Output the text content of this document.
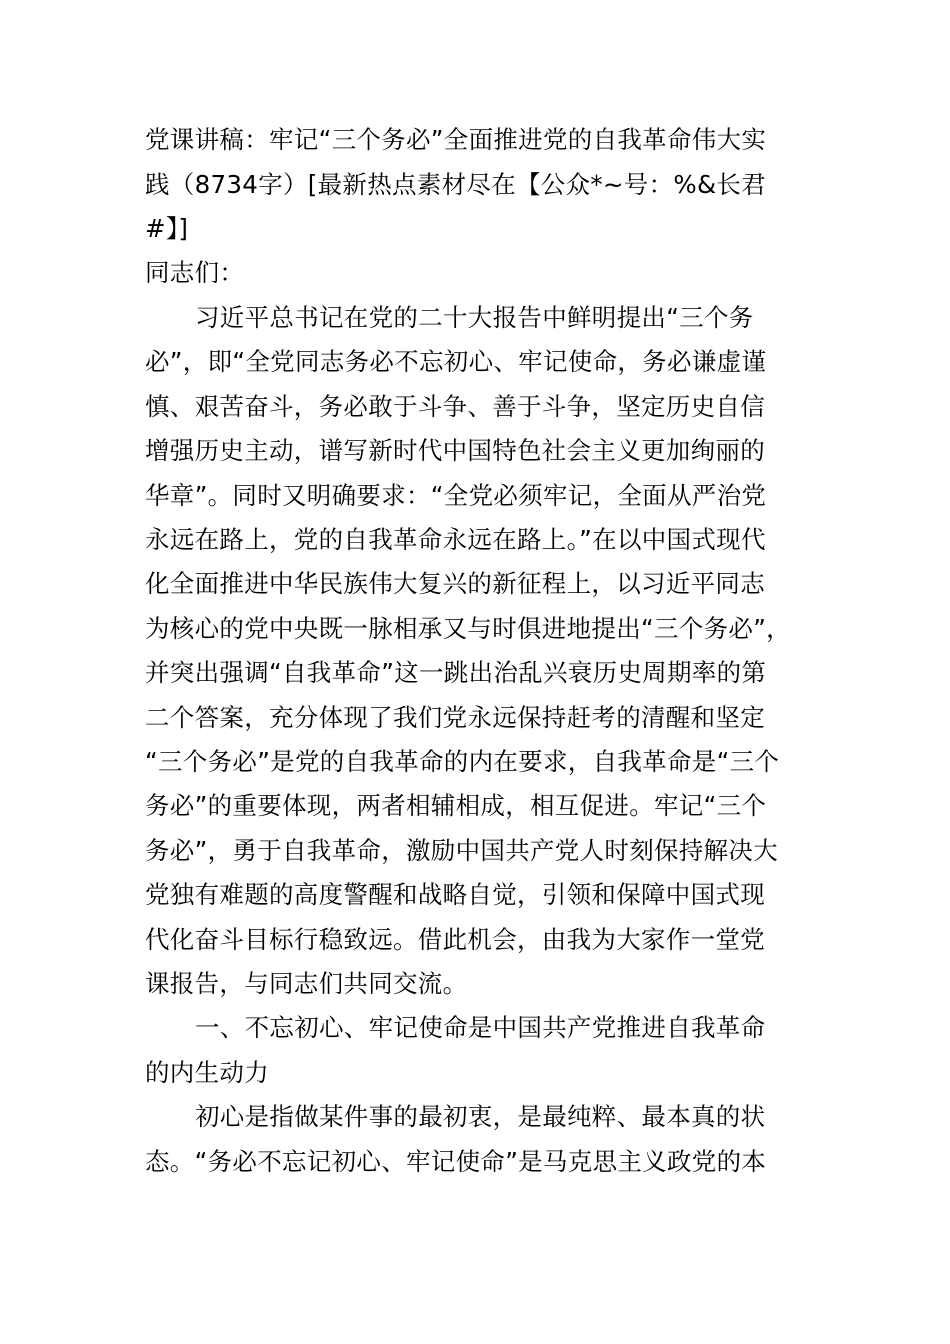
党课讲稿：牢记“三个务必”全面推进党的自我革命伟大实
践（8734字）[最新热点素材尽在【公众*~号：%&长君
#】]
同志们：
习近平总书记在党的二十大报告中鲜明提出“三个务
必”，即“全党同志务必不忘初心、牢记使命，务必谦虚谨
慎、艰苦奋斗，务必敢于斗争、善于斗争，坚定历史自信
增强历史主动，谱写新时代中国特色社会主义更加绚丽的
华章”。同时又明确要求：“全党必须牢记，全面从严治党
永远在路上，党的自我革命永远在路上。”在以中国式现代
化全面推进中华民族伟大复兴的新征程上，以习近平同志
为核心的党中央既一脉相承又与时俱进地提出“三个务必”，
并突出强调“自我革命”这一跳出治乱兴衰历史周期率的第
二个答案，充分体现了我们党永远保持赶考的清醒和坚定
“三个务必”是党的自我革命的内在要求，自我革命是“三个
务必”的重要体现，两者相辅相成，相互促进。牢记“三个
务必”，勇于自我革命，激励中国共产党人时刻保持解决大
党独有难题的高度警醒和战略自觉，引领和保障中国式现
代化奋斗目标行稳致远。借此机会，由我为大家作一堂党
课报告，与同志们共同交流。
一、不忘初心、牢记使命是中国共产党推进自我革命
的内生动力
初心是指做某件事的最初衷，是最纯粹、最本真的状
态。“务必不忘记初心、牢记使命”是马克思主义政党的本
